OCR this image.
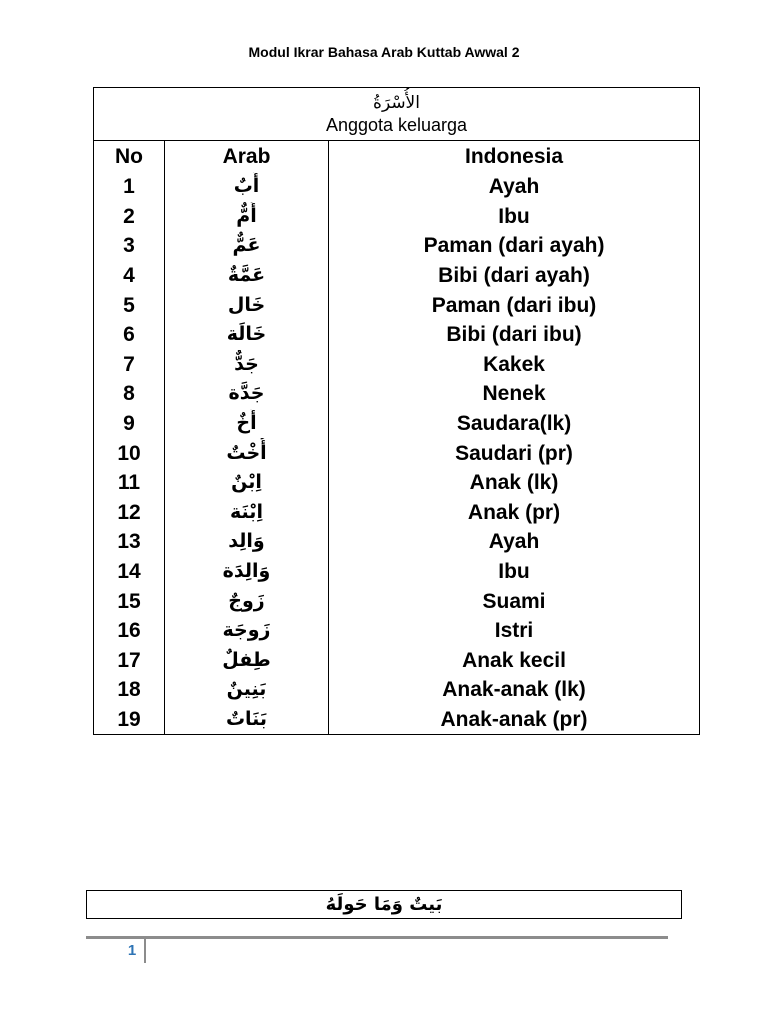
Modul Ikrar Bahasa Arab Kuttab Awwal 2
الأُسْرَةُ
Anggota keluarga		

No	Arab	Indonesia
1	أَبٌ	Ayah
2	أُمٌّ	Ibu
3	عَمٌّ	Paman (dari ayah)
4	عَمَّةٌ	Bibi (dari ayah)
5	خَال	Paman (dari ibu)
6	خَالَة	Bibi (dari ibu)
7	جَدٌّ	Kakek
8	جَدَّة	Nenek
9	أَخٌ	Saudara(lk)
10	أُخْتٌ	Saudari (pr)
11	اِبْنٌ	Anak (lk)
12	اِبْنَة	Anak (pr)
13	وَالِد	Ayah
14	وَالِدَة	Ibu
15	زَوجٌ	Suami
16	زَوجَة	Istri
17	طِفلٌ	Anak kecil
18	بَنِينٌ	Anak-anak (lk)
19	بَنَاتٌ	Anak-anak (pr)
بَيتٌ وَمَا حَولَهُ
1
